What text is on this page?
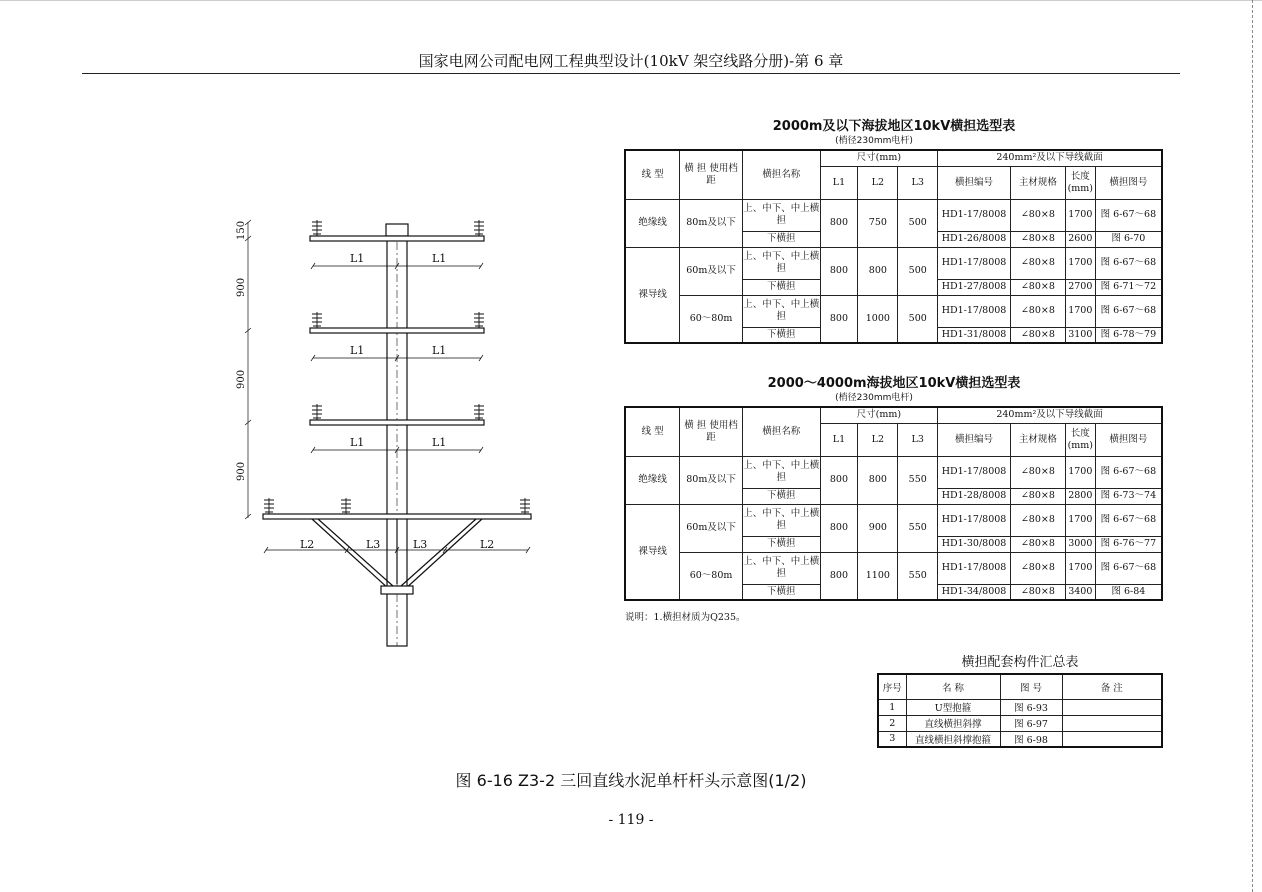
国家电网公司配电网工程典型设计(10kV 架空线路分册)-第 6 章
L1	L1
L1	L1
L1	L1
L2	L3	L3	L2
150
900
900
900
2000m及以下海拔地区10kV横担选型表
(梢径230mm电杆)
线 型	横 担 使用档距	横担名称	尺寸(mm)			240mm²及以下导线截面			
			L1	L2	L3	横担编号	主材规格	长度 (mm)	横担图号
绝缘线	80m及以下	上、中下、中上横担	800	750	500	HD1-17/8008	∠80×8	1700	图 6-67～68
		下横担				HD1-26/8008	∠80×8	2600	图 6-70
裸导线	60m及以下	上、中下、中上横担	800	800	500	HD1-17/8008	∠80×8	1700	图 6-67～68
		下横担				HD1-27/8008	∠80×8	2700	图 6-71～72
	60～80m	上、中下、中上横担	800	1000	500	HD1-17/8008	∠80×8	1700	图 6-67～68
		下横担				HD1-31/8008	∠80×8	3100	图 6-78～79
2000～4000m海拔地区10kV横担选型表
(梢径230mm电杆)
线 型	横 担 使用档距	横担名称	尺寸(mm)			240mm²及以下导线截面			
			L1	L2	L3	横担编号	主材规格	长度 (mm)	横担图号
绝缘线	80m及以下	上、中下、中上横担	800	800	550	HD1-17/8008	∠80×8	1700	图 6-67～68
		下横担				HD1-28/8008	∠80×8	2800	图 6-73～74
裸导线	60m及以下	上、中下、中上横担	800	900	550	HD1-17/8008	∠80×8	1700	图 6-67～68
		下横担				HD1-30/8008	∠80×8	3000	图 6-76～77
	60～80m	上、中下、中上横担	800	1100	550	HD1-17/8008	∠80×8	1700	图 6-67～68
		下横担				HD1-34/8008	∠80×8	3400	图 6-84
说明：1.横担材质为Q235。
横担配套构件汇总表
序号	名 称	图 号	备 注
1	U型抱箍	图 6-93	
2	直线横担斜撑	图 6-97	
3	直线横担斜撑抱箍	图 6-98	
图 6-16 Z3-2 三回直线水泥单杆杆头示意图(1/2)
- 119 -
